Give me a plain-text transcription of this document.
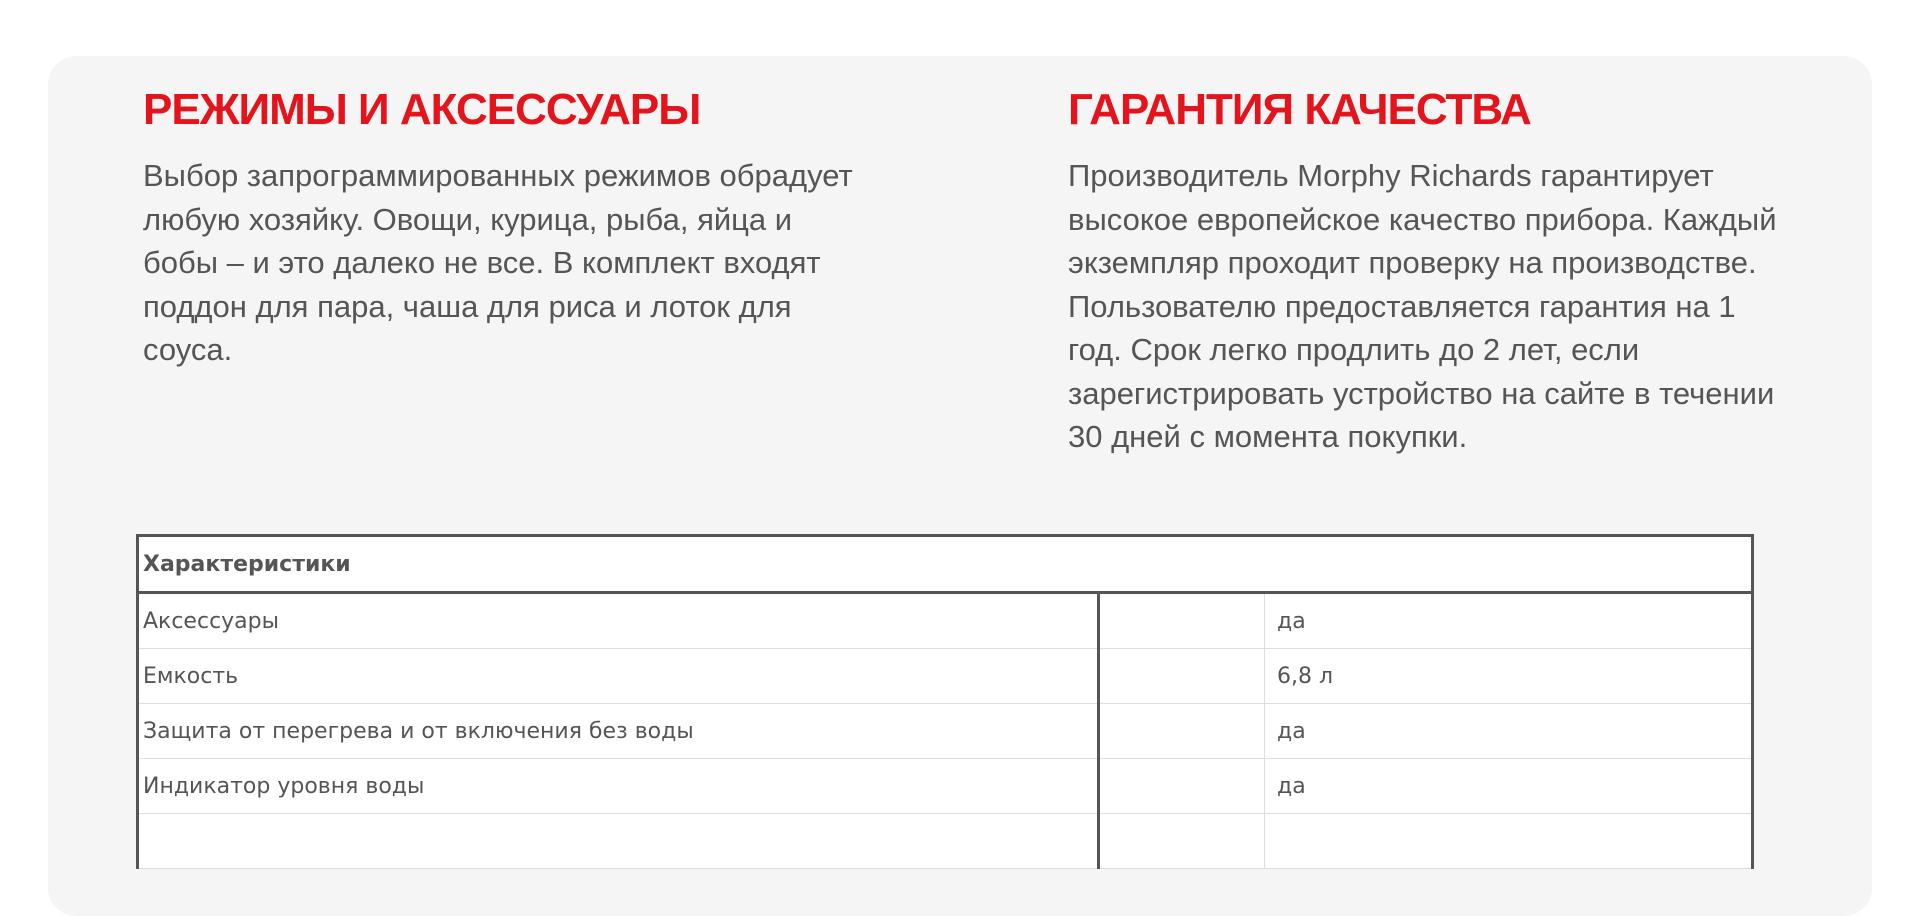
РЕЖИМЫ И АКСЕССУАРЫ

Выбор запрограммированных режимов обрадует любую хозяйку. Овощи, курица, рыба, яйца и бобы – и это далеко не все. В комплект входят поддон для пара, чаша для риса и лоток для соуса.

ГАРАНТИЯ КАЧЕСТВА

Производитель Morphy Richards гарантирует высокое европейское качество прибора. Каждый экземпляр проходит проверку на производстве. Пользователю предоставляется гарантия на 1 год. Срок легко продлить до 2 лет, если зарегистрировать устройство на сайте в течении 30 дней с момента покупки.

Характеристики		
Аксессуары		да
Емкость		6,8 л
Защита от перегрева и от включения без воды		да
Индикатор уровня воды		да
